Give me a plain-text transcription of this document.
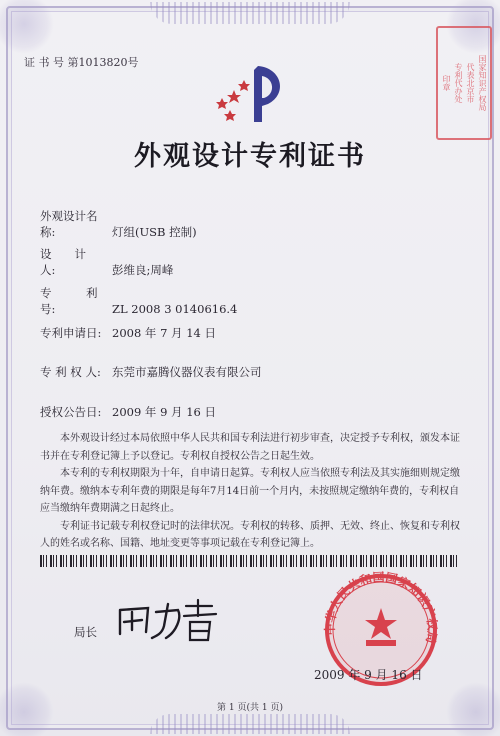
证 书 号 第1013820号	国家知识产权局
代表北京市
专利代办处
印章
外观设计专利证书
外观设计名称:	灯组(USB 控制)
设　　计　　人:	彭维良;周峰
专　　　利　　号:	ZL 2008 3 0140616.4
专利申请日: 2008 年 7 月 14 日
专 利 权 人: 东莞市嘉腾仪器仪表有限公司
授权公告日: 2009 年 9 月 16 日

本外观设计经过本局依照中华人民共和国专利法进行初步审查，决定授予专利权，颁发本证书并在专利登记簿上予以登记。专利权自授权公告之日起生效。

本专利的专利权期限为十年，自申请日起算。专利权人应当依照专利法及其实施细则规定缴纳年费。缴纳本专利年费的期限是每年7月14日前一个月内，未按照规定缴纳年费的，专利权自应当缴纳年费期满之日起终止。

专利证书记载专利权登记时的法律状况。专利权的转移、质押、无效、终止、恢复和专利权人的姓名或名称、国籍、地址变更等事项记载在专利登记簿上。

局长	中华人民共和国国家知识产权局
2009 年 9 月 16 日
第 1 页(共 1 页)
